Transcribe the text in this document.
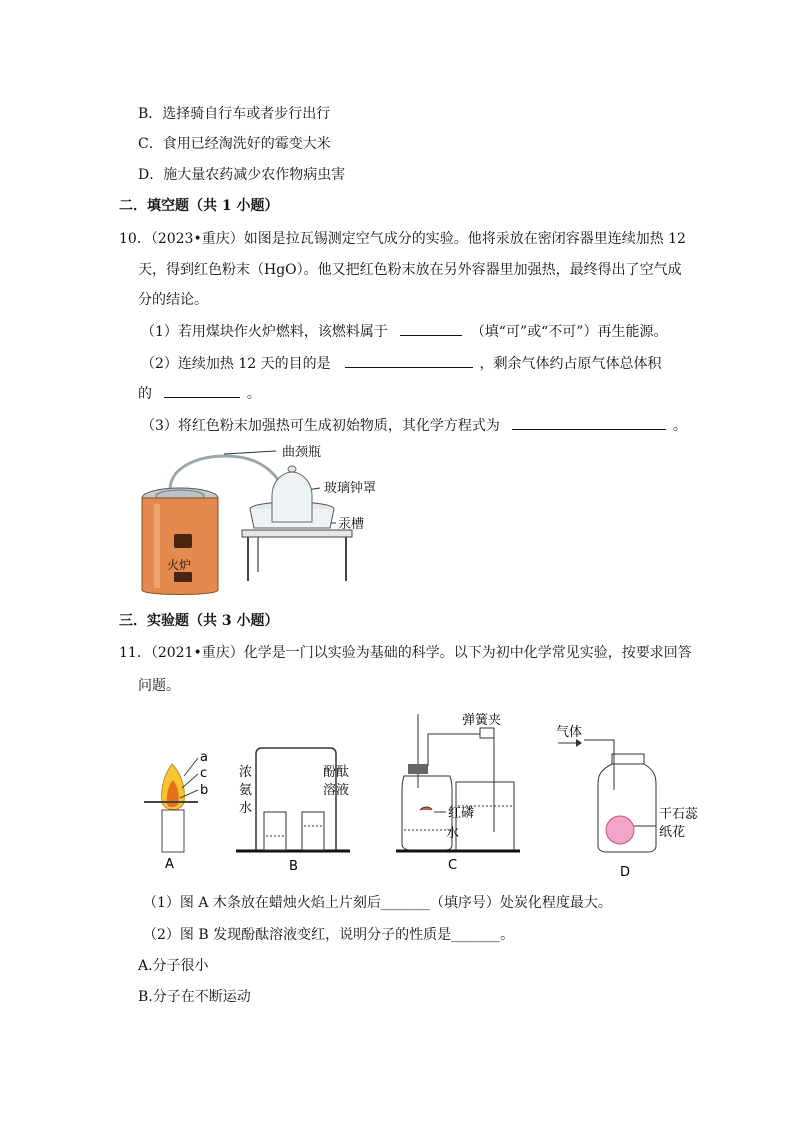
B．选择骑自行车或者步行出行
C．食用已经淘洗好的霉变大米
D．施大量农药减少农作物病虫害
二．填空题（共 1 小题）
10．（2023•重庆）如图是拉瓦锡测定空气成分的实验。他将汞放在密闭容器里连续加热 12
天，得到红色粉末（HgO）。他又把红色粉末放在另外容器里加强热，最终得出了空气成
分的结论。
（1）若用煤块作火炉燃料，该燃料属于	（填“可”或“不可”）再生能源。
（2）连续加热 12 天的目的是	，剩余气体约占原气体总体积
的	。
（3）将红色粉末加强热可生成初始物质，其化学方程式为	。
火炉
曲颈瓶
玻璃钟罩
汞槽
三．实验题（共 3 小题）
11．（2021•重庆）化学是一门以实验为基础的科学。以下为初中化学常见实验，按要求回答
问题。
a
c
b
A
浓
氨
水
酚酞
溶液
B
弹簧夹
红磷
水
C
气体
干石蕊
纸花
D
（1）图 A 木条放在蜡烛火焰上片刻后_______（填序号）处炭化程度最大。
（2）图 B 发现酚酞溶液变红，说明分子的性质是_______。
A.分子很小
B.分子在不断运动
